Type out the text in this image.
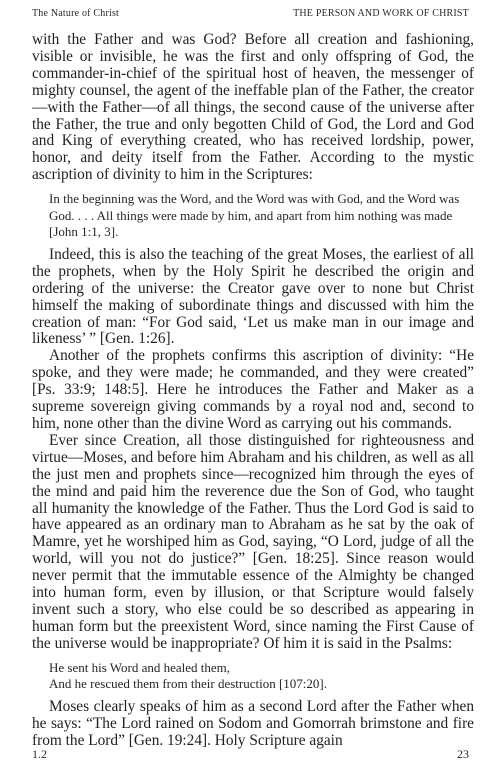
The Nature of Christ	THE PERSON AND WORK OF CHRIST

with the Father and was God? Before all creation and fashioning, visible or invisible, he was the first and only offspring of God, the commander-in-chief of the spiritual host of heaven, the messenger of mighty counsel, the agent of the ineffable plan of the Father, the creator—with the Father—of all things, the second cause of the universe after the Father, the true and only begotten Child of God, the Lord and God and King of everything created, who has received lordship, power, honor, and deity itself from the Father. According to the mystic ascription of divinity to him in the Scriptures:

In the beginning was the Word, and the Word was with God, and the Word was God. . . . All things were made by him, and apart from him nothing was made [John 1:1, 3].

Indeed, this is also the teaching of the great Moses, the earliest of all the prophets, when by the Holy Spirit he described the origin and ordering of the universe: the Creator gave over to none but Christ himself the making of subordinate things and discussed with him the creation of man: “For God said, ‘Let us make man in our image and likeness’ ” [Gen. 1:26].

Another of the prophets confirms this ascription of divinity: “He spoke, and they were made; he commanded, and they were created” [Ps. 33:9; 148:5]. Here he introduces the Father and Maker as a supreme sovereign giving commands by a royal nod and, second to him, none other than the divine Word as carrying out his commands.

Ever since Creation, all those distinguished for righteousness and virtue—Moses, and before him Abraham and his children, as well as all the just men and prophets since—recognized him through the eyes of the mind and paid him the reverence due the Son of God, who taught all humanity the knowledge of the Father. Thus the Lord God is said to have appeared as an ordinary man to Abraham as he sat by the oak of Mamre, yet he worshiped him as God, saying, “O Lord, judge of all the world, will you not do justice?” [Gen. 18:25]. Since reason would never permit that the immutable essence of the Almighty be changed into human form, even by illusion, or that Scripture would falsely invent such a story, who else could be so described as appearing in human form but the preexistent Word, since naming the First Cause of the universe would be inappropriate? Of him it is said in the Psalms:

He sent his Word and healed them,

And he rescued them from their destruction [107:20].

Moses clearly speaks of him as a second Lord after the Father when he says: “The Lord rained on Sodom and Gomorrah brimstone and fire from the Lord” [Gen. 19:24]. Holy Scripture again

1.2	23
